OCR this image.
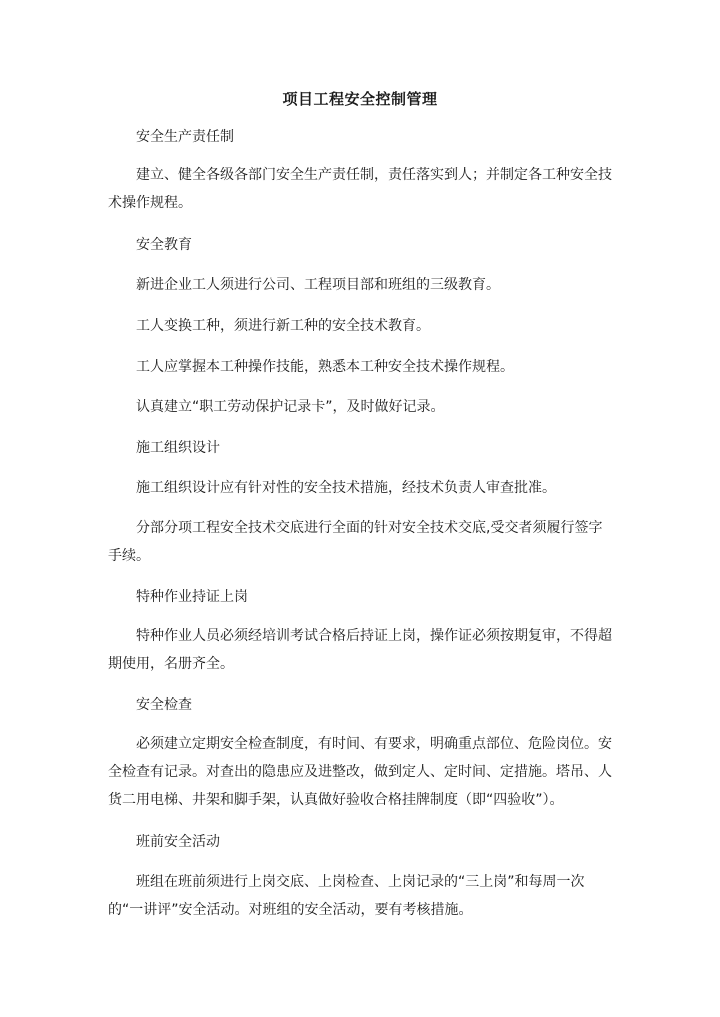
项目工程安全控制管理

安全生产责任制

建立、健全各级各部门安全生产责任制，责任落实到人；并制定各工种安全技术操作规程。

安全教育

新进企业工人须进行公司、工程项目部和班组的三级教育。

工人变换工种，须进行新工种的安全技术教育。

工人应掌握本工种操作技能，熟悉本工种安全技术操作规程。

认真建立“职工劳动保护记录卡”，及时做好记录。

施工组织设计

施工组织设计应有针对性的安全技术措施，经技术负责人审查批准。

分部分项工程安全技术交底进行全面的针对安全技术交底,受交者须履行签字手续。

特种作业持证上岗

特种作业人员必须经培训考试合格后持证上岗，操作证必须按期复审，不得超期使用，名册齐全。

安全检查

必须建立定期安全检查制度，有时间、有要求，明确重点部位、危险岗位。安全检查有记录。对查出的隐患应及进整改，做到定人、定时间、定措施。塔吊、人货二用电梯、井架和脚手架，认真做好验收合格挂牌制度（即“四验收”）。

班前安全活动

班组在班前须进行上岗交底、上岗检查、上岗记录的“三上岗”和每周一次的“一讲评”安全活动。对班组的安全活动，要有考核措施。
